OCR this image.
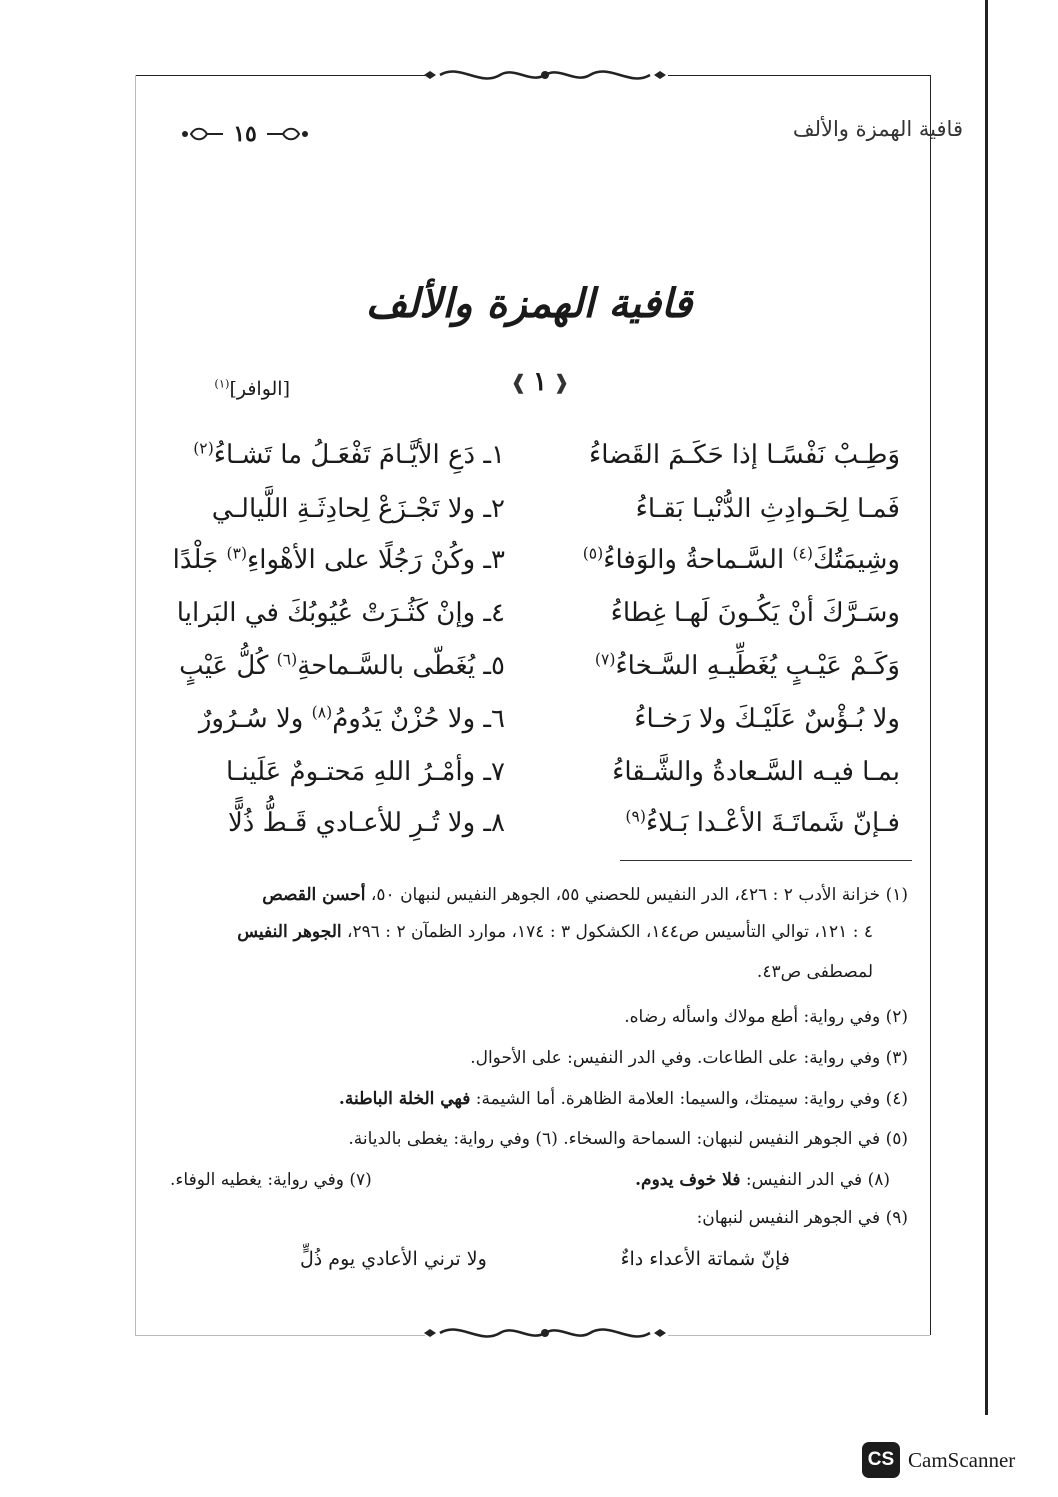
قافية الهمزة والألف
١٥
قافية الهمزة والألف
❰
١
❱
[الوافر]$^{(١)}$
١ـ دَعِ الأيَّـامَ تَفْعَـلُ ما تَشـاءُ$^{(٢)}$	وَطِـبْ نَفْسًـا إذا حَكَـمَ القَضاءُ
٢ـ ولا تَجْـزَعْ لِحادِثَـةِ اللَّيالـي	فَمـا لِحَـوادِثِ الدُّنْيـا بَقـاءُ
٣ـ وكُنْ رَجُلًا على الأهْواءِ$^{(٣)}$ جَلْدًا	وشِيمَتُكَ$^{(٤)}$ السَّـماحةُ والوَفاءُ$^{(٥)}$
٤ـ وإنْ كَثُـرَتْ عُيُوبُكَ في البَرايا	وسَـرَّكَ أنْ يَكُـونَ لَهـا غِطاءُ
٥ـ يُغَطّى بالسَّـماحةِ$^{(٦)}$ كُلُّ عَيْبٍ	وَكَـمْ عَيْـبٍ يُغَطِّيـهِ السَّـخاءُ$^{(٧)}$
٦ـ ولا حُزْنٌ يَدُومُ$^{(٨)}$ ولا سُـرُورٌ	ولا بُـؤْسٌ عَلَيْـكَ ولا رَخـاءُ
٧ـ وأمْـرُ اللهِ مَحتـومٌ عَلَينـا	بمـا فيـه السَّـعادةُ والشَّـقاءُ
٨ـ ولا تُـرِ للأعـادي قَـطُّ ذُلًّا	فـإنّ شَماتَـةَ الأعْـدا بَـلاءُ$^{(٩)}$
(١) خزانة الأدب ٢ : ٤٢٦، الدر النفيس للحصني ٥٥، الجوهر النفيس لنبهان ٥٠، أحسن القصص
٤ : ١٢١، توالي التأسيس ص١٤٤، الكشكول ٣ : ١٧٤، موارد الظمآن ٢ : ٢٩٦، الجوهر النفيس
لمصطفى ص٤٣.
(٢) وفي رواية: أطع مولاك واسأله رضاه.
(٣) وفي رواية: على الطاعات. وفي الدر النفيس: على الأحوال.
(٤) وفي رواية: سيمتك، والسيما: العلامة الظاهرة. أما الشيمة: فهي الخلة الباطنة.
(٥) في الجوهر النفيس لنبهان: السماحة والسخاء. (٦) وفي رواية: يغطى بالديانة.
(٧) وفي رواية: يغطيه الوفاء.	(٨) في الدر النفيس: فلا خوف يدوم.
(٩) في الجوهر النفيس لنبهان:
ولا ترني الأعادي يوم ذُلٍّ	فإنّ شماتة الأعداء داءٌ
CS CamScanner
